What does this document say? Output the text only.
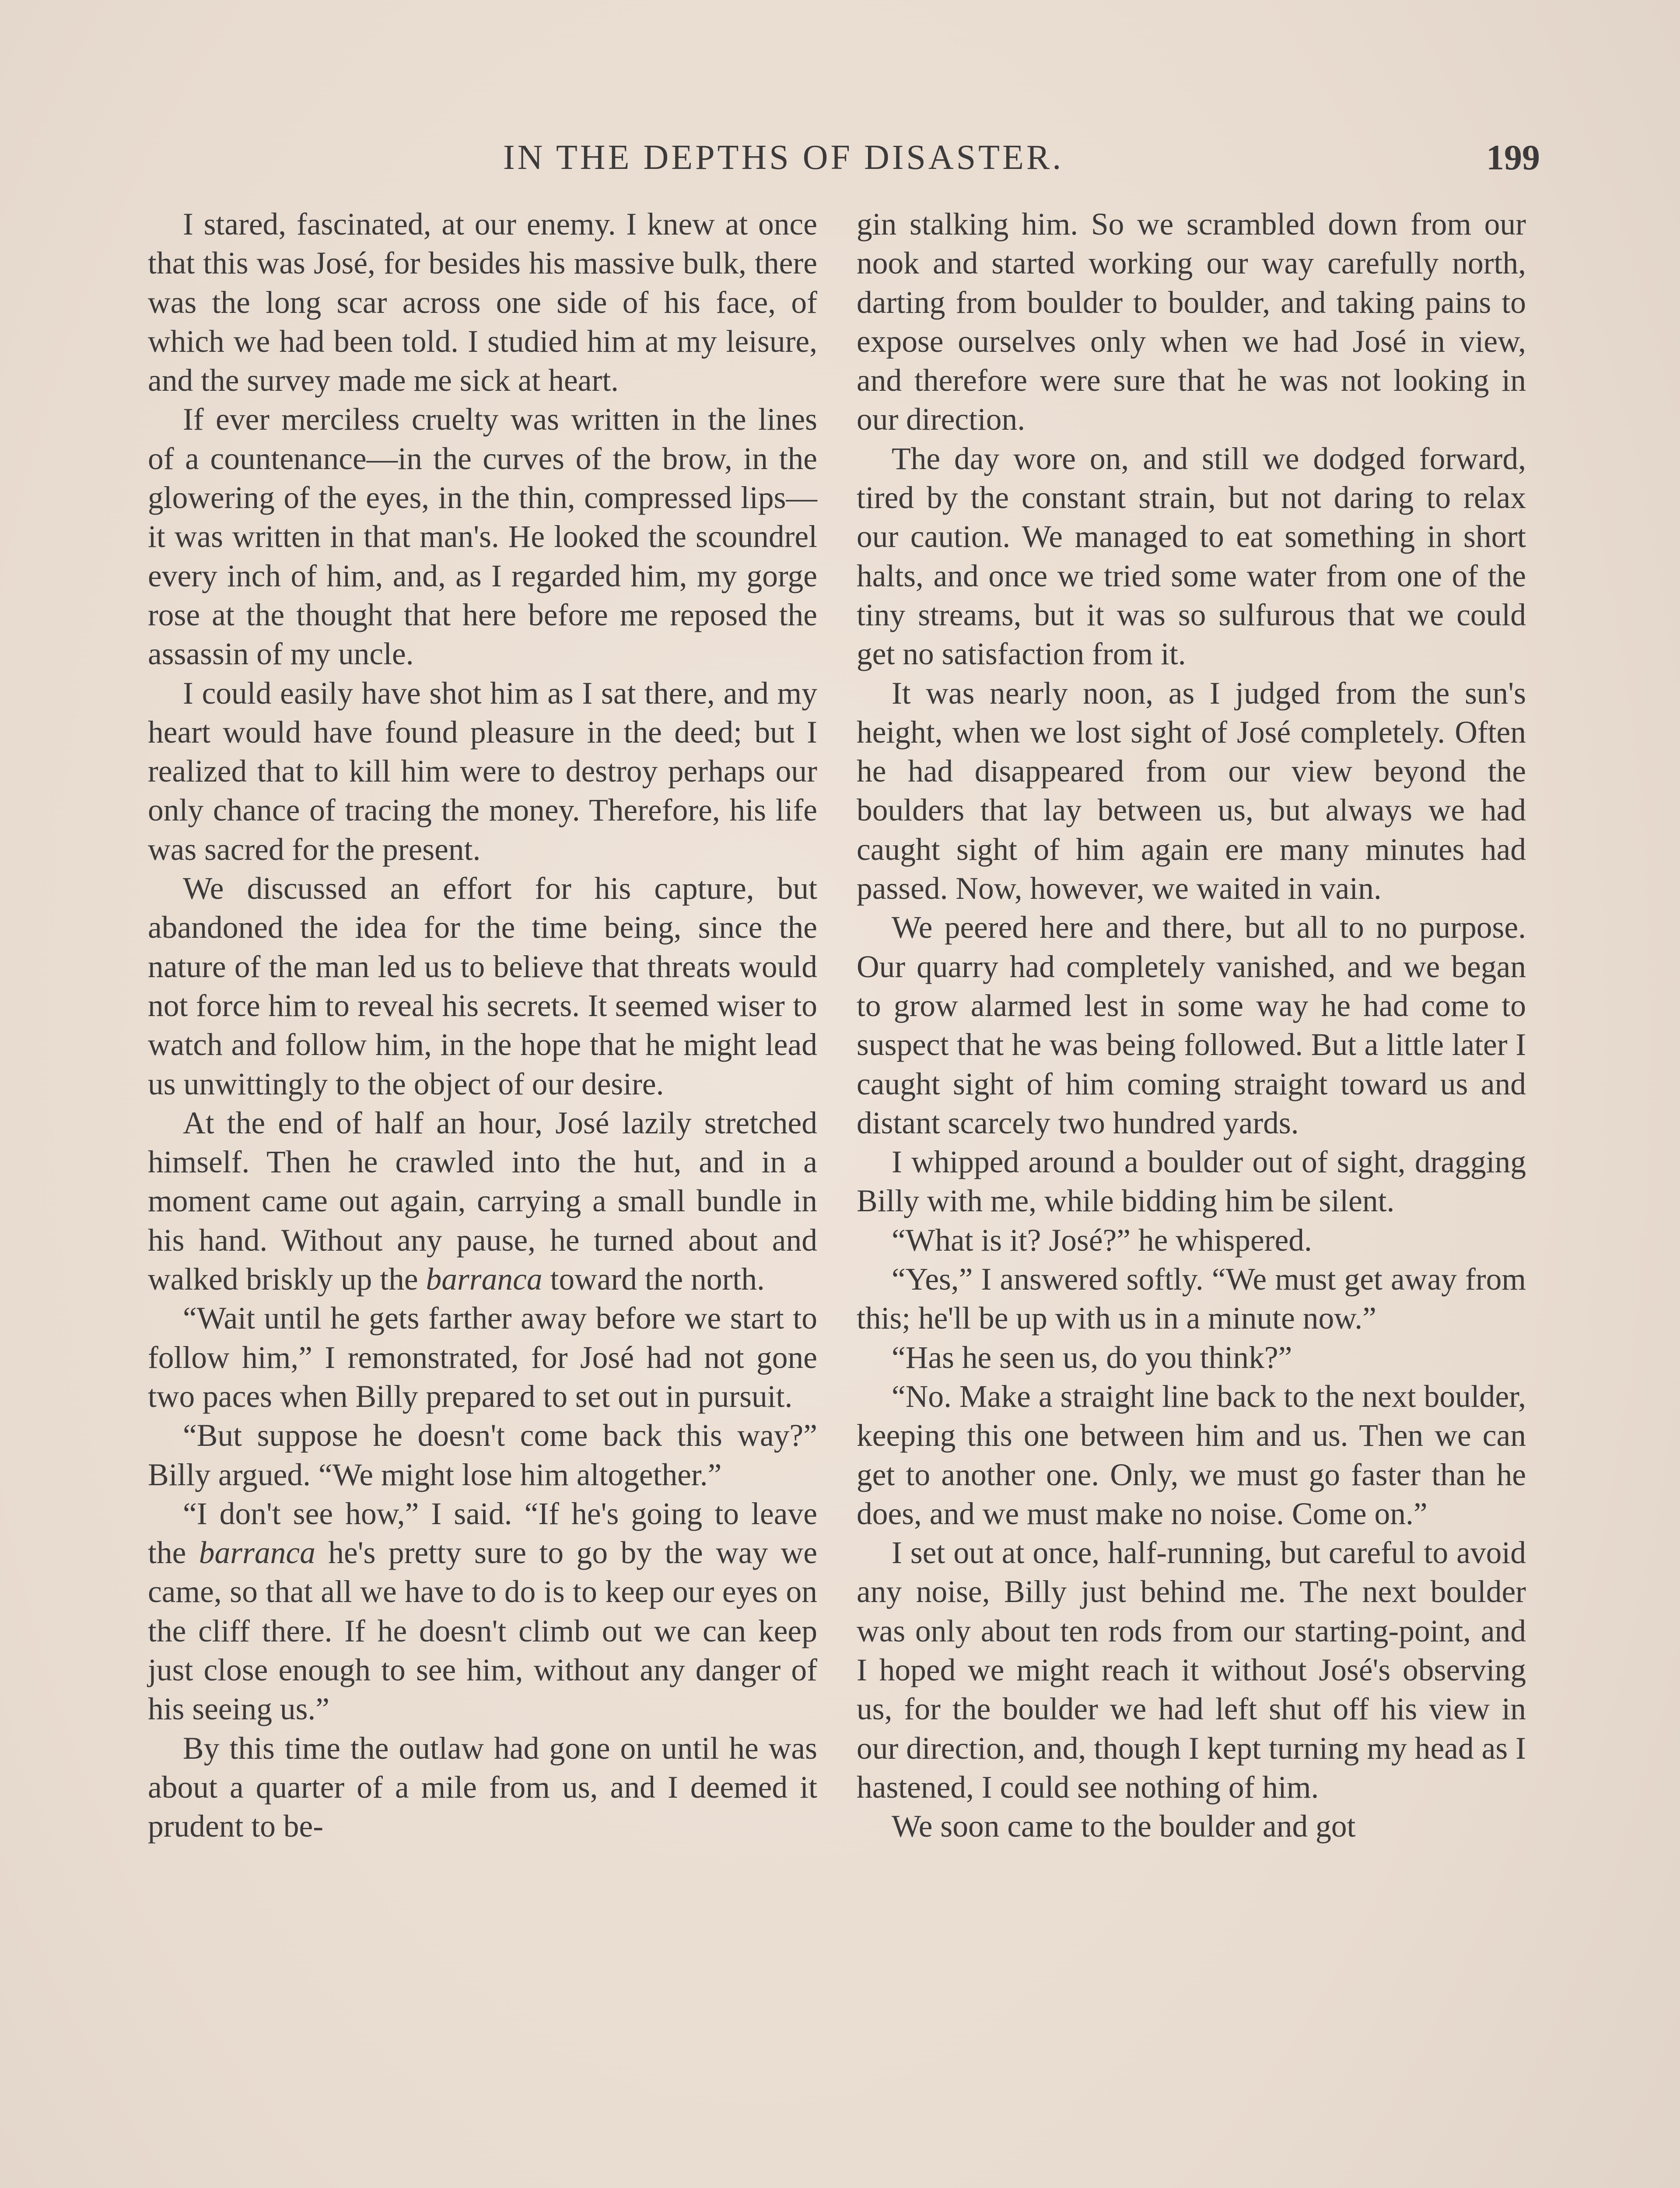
IN THE DEPTHS OF DISASTER.	199

I stared, fascinated, at our enemy. I knew at once that this was José, for besides his massive bulk, there was the long scar across one side of his face, of which we had been told. I studied him at my leisure, and the survey made me sick at heart.

If ever merciless cruelty was written in the lines of a countenance—in the curves of the brow, in the glowering of the eyes, in the thin, compressed lips—it was written in that man's. He looked the scoundrel every inch of him, and, as I regarded him, my gorge rose at the thought that here before me reposed the assassin of my uncle.

I could easily have shot him as I sat there, and my heart would have found pleasure in the deed; but I realized that to kill him were to destroy perhaps our only chance of tracing the money. Therefore, his life was sacred for the present.

We discussed an effort for his capture, but abandoned the idea for the time being, since the nature of the man led us to believe that threats would not force him to reveal his secrets. It seemed wiser to watch and follow him, in the hope that he might lead us unwittingly to the object of our desire.

At the end of half an hour, José lazily stretched himself. Then he crawled into the hut, and in a moment came out again, carrying a small bundle in his hand. Without any pause, he turned about and walked briskly up the barranca toward the north.

“Wait until he gets farther away before we start to follow him,” I remonstrated, for José had not gone two paces when Billy prepared to set out in pursuit.

“But suppose he doesn't come back this way?” Billy argued. “We might lose him altogether.”

“I don't see how,” I said. “If he's going to leave the barranca he's pretty sure to go by the way we came, so that all we have to do is to keep our eyes on the cliff there. If he doesn't climb out we can keep just close enough to see him, without any danger of his seeing us.”

By this time the outlaw had gone on until he was about a quarter of a mile from us, and I deemed it prudent to be-

gin stalking him. So we scrambled down from our nook and started working our way carefully north, darting from boulder to boulder, and taking pains to expose ourselves only when we had José in view, and therefore were sure that he was not looking in our direction.

The day wore on, and still we dodged forward, tired by the constant strain, but not daring to relax our caution. We managed to eat something in short halts, and once we tried some water from one of the tiny streams, but it was so sulfurous that we could get no satisfaction from it.

It was nearly noon, as I judged from the sun's height, when we lost sight of José completely. Often he had disappeared from our view beyond the boulders that lay between us, but always we had caught sight of him again ere many minutes had passed. Now, however, we waited in vain.

We peered here and there, but all to no purpose. Our quarry had completely vanished, and we began to grow alarmed lest in some way he had come to suspect that he was being followed. But a little later I caught sight of him coming straight toward us and distant scarcely two hundred yards.

I whipped around a boulder out of sight, dragging Billy with me, while bidding him be silent.

“What is it? José?” he whispered.

“Yes,” I answered softly. “We must get away from this; he'll be up with us in a minute now.”

“Has he seen us, do you think?”

“No. Make a straight line back to the next boulder, keeping this one between him and us. Then we can get to another one. Only, we must go faster than he does, and we must make no noise. Come on.”

I set out at once, half-running, but careful to avoid any noise, Billy just behind me. The next boulder was only about ten rods from our starting-point, and I hoped we might reach it without José's observing us, for the boulder we had left shut off his view in our direction, and, though I kept turning my head as I hastened, I could see nothing of him.

We soon came to the boulder and got
